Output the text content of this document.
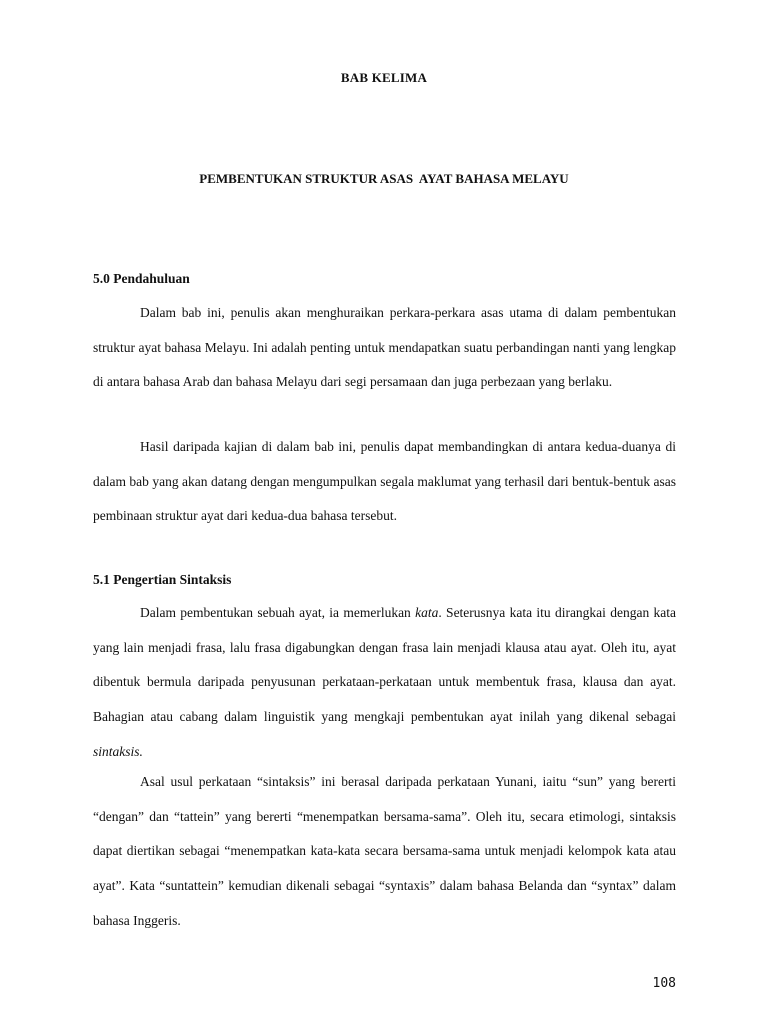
BAB KELIMA
PEMBENTUKAN STRUKTUR ASAS  AYAT BAHASA MELAYU
5.0 Pendahuluan

Dalam bab ini, penulis akan menghuraikan perkara-perkara asas utama di dalam pembentukan struktur ayat bahasa Melayu. Ini adalah penting untuk mendapatkan suatu perbandingan nanti yang lengkap di antara bahasa Arab dan bahasa Melayu dari segi persamaan dan juga perbezaan yang berlaku.

Hasil daripada kajian di dalam bab ini, penulis dapat membandingkan di antara kedua-duanya di dalam bab yang akan datang dengan mengumpulkan segala maklumat yang terhasil dari bentuk-bentuk asas pembinaan struktur ayat dari kedua-dua bahasa tersebut.

5.1 Pengertian Sintaksis

Dalam pembentukan sebuah ayat, ia memerlukan kata. Seterusnya kata itu dirangkai dengan kata yang lain menjadi frasa, lalu frasa digabungkan dengan frasa lain menjadi klausa atau ayat. Oleh itu, ayat dibentuk bermula daripada penyusunan perkataan-perkataan untuk membentuk frasa, klausa dan ayat. Bahagian atau cabang dalam linguistik yang mengkaji pembentukan ayat inilah yang dikenal sebagai sintaksis.

Asal usul perkataan “sintaksis” ini berasal daripada perkataan Yunani, iaitu “sun” yang bererti “dengan” dan “tattein” yang bererti “menempatkan bersama-sama”. Oleh itu, secara etimologi, sintaksis dapat diertikan sebagai “menempatkan kata-kata secara bersama-sama untuk menjadi kelompok kata atau ayat”. Kata “suntattein” kemudian dikenali sebagai “syntaxis” dalam bahasa Belanda dan “syntax” dalam bahasa Inggeris.

108
